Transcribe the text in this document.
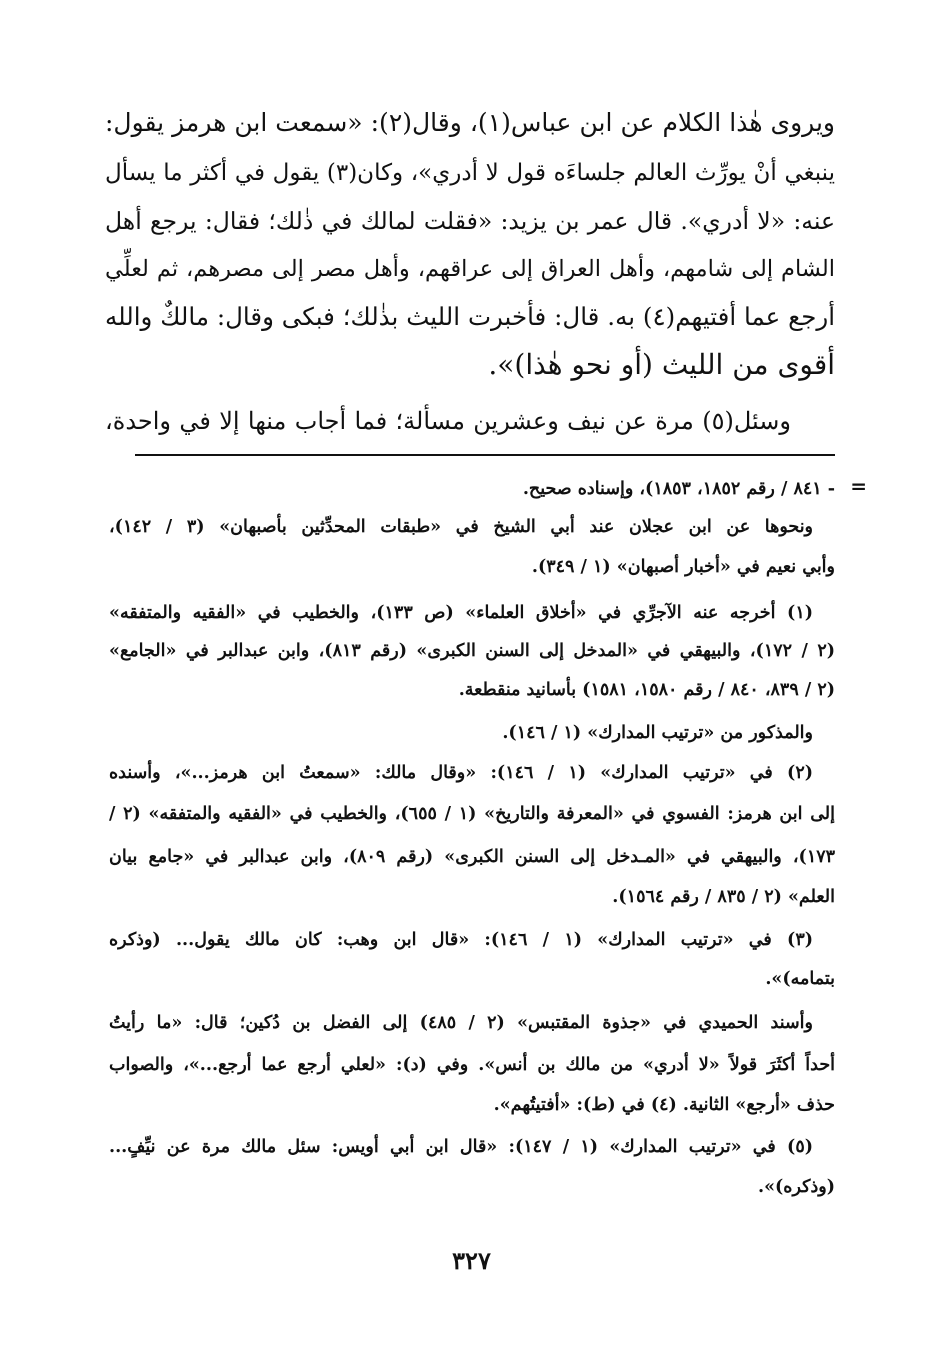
ويروى هٰذا الكلام عن ابن عباس(١)، وقال(٢): «سمعت ابن هرمز يقول:
ينبغي أنْ يورِّث العالم جلساءَه قول لا أدري»، وكان(٣) يقول في أكثر ما يسأل
عنه: «لا أدري». قال عمر بن يزيد: «فقلت لمالك في ذٰلك؛ فقال: يرجع أهل
الشام إلى شامهم، وأهل العراق إلى عراقهم، وأهل مصر إلى مصرهم، ثم لعلِّي
أرجع عما أفتيهم(٤) به. قال: فأخبرت الليث بذٰلك؛ فبكى وقال: مالكٌ والله
أقوى من الليث (أو نحو هٰذا)».
وسئل(٥) مرة عن نيف وعشرين مسألة؛ فما أجاب منها إلا في واحدة،
=
- ٨٤١ / رقم ١٨٥٢، ١٨٥٣)، وإسناده صحيح.
ونحوها عن ابن عجلان عند أبي الشيخ في «طبقات المحدِّثين بأصبهان» (٣ / ١٤٢)،
وأبي نعيم في «أخبار أصبهان» (١ / ٣٤٩).
(١) أخرجه عنه الآجرِّي في «أخلاق العلماء» (ص ١٣٣)، والخطيب في «الفقيه والمتفقه»
(٢ / ١٧٢)، والبيهقي في «المدخل إلى السنن الكبرى» (رقم ٨١٣)، وابن عبدالبر في «الجامع»
(٢ / ٨٣٩، ٨٤٠ / رقم ١٥٨٠، ١٥٨١) بأسانيد منقطعة.
والمذكور من «ترتيب المدارك» (١ / ١٤٦).
(٢) في «ترتيب المدارك» (١ / ١٤٦): «وقال مالك: «سمعتُ ابن هرمز...»، وأسنده
إلى ابن هرمز: الفسوي في «المعرفة والتاريخ» (١ / ٦٥٥)، والخطيب في «الفقيه والمتفقه» (٢ /
١٧٣)، والبيهقي في «المـدخل إلى السنن الكبرى» (رقم ٨٠٩)، وابن عبدالبر في «جامع بيان
العلم» (٢ / ٨٣٥ / رقم ١٥٦٤).
(٣) في «ترتيب المدارك» (١ / ١٤٦): «قال ابن وهب: كان مالك يقول... (وذكره
بتمامه)».
وأسند الحميدي في «جذوة المقتبس» (٢ / ٤٨٥) إلى الفضل بن دُكين؛ قال: «ما رأيتُ
أحداً أكثَرَ قولاً «لا أدري» من مالك بن أنس». وفي (د): «لعلي أرجع عما أرجع...»، والصواب
حذف «أرجع» الثانية. (٤) في (ط): «أفتيتُهم».
(٥) في «ترتيب المدارك» (١ / ١٤٧): «قال ابن أبي أويس: سئل مالك مرة عن نيِّفٍ...
(وذكره)».
٣٢٧
